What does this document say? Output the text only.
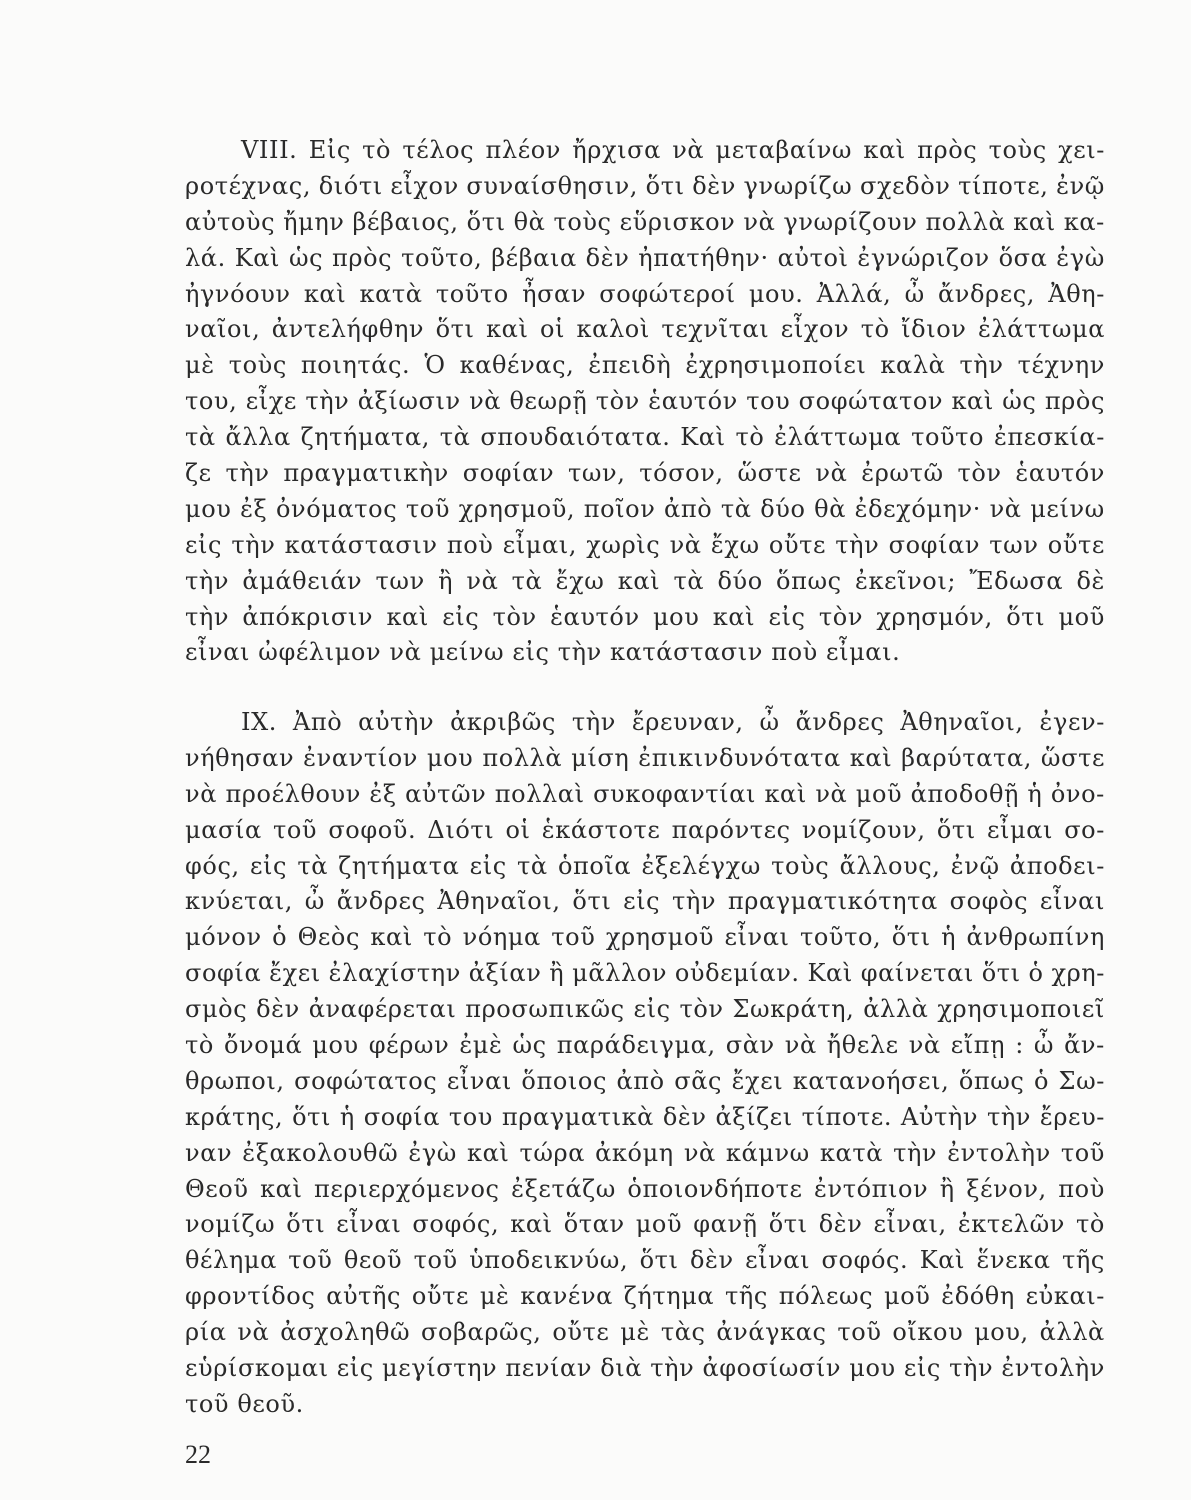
VIII. Εἰς τὸ τέλος πλέον ἤρχισα νὰ μεταβαίνω καὶ πρὸς τοὺς χει-
ροτέχνας, διότι εἶχον συναίσθησιν, ὅτι δὲν γνωρίζω σχεδὸν τίποτε, ἐνῷ
αὐτοὺς ἤμην βέβαιος, ὅτι θὰ τοὺς εὕρισκον νὰ γνωρίζουν πολλὰ καὶ κα-
λά. Καὶ ὡς πρὸς τοῦτο, βέβαια δὲν ἠπατήθην· αὐτοὶ ἐγνώριζον ὅσα ἐγὼ
ἠγνόουν καὶ κατὰ τοῦτο ἦσαν σοφώτεροί μου. Ἀλλά, ὦ ἄνδρες, Ἀθη-
ναῖοι, ἀντελήφθην ὅτι καὶ οἱ καλοὶ τεχνῖται εἶχον τὸ ἴδιον ἐλάττωμα
μὲ τοὺς ποιητάς. Ὁ καθένας, ἐπειδὴ ἐχρησιμοποίει καλὰ τὴν τέχνην
του, εἶχε τὴν ἀξίωσιν νὰ θεωρῇ τὸν ἑαυτόν του σοφώτατον καὶ ὡς πρὸς
τὰ ἄλλα ζητήματα, τὰ σπουδαιότατα. Καὶ τὸ ἐλάττωμα τοῦτο ἐπεσκία-
ζε τὴν πραγματικὴν σοφίαν των, τόσον, ὥστε νὰ ἐρωτῶ τὸν ἑαυτόν
μου ἐξ ὀνόματος τοῦ χρησμοῦ, ποῖον ἀπὸ τὰ δύο θὰ ἐδεχόμην· νὰ μείνω
εἰς τὴν κατάστασιν ποὺ εἶμαι, χωρὶς νὰ ἔχω οὔτε τὴν σοφίαν των οὔτε
τὴν ἀμάθειάν των ἢ νὰ τὰ ἔχω καὶ τὰ δύο ὅπως ἐκεῖνοι; Ἔδωσα δὲ
τὴν ἀπόκρισιν καὶ εἰς τὸν ἑαυτόν μου καὶ εἰς τὸν χρησμόν, ὅτι μοῦ
εἶναι ὠφέλιμον νὰ μείνω εἰς τὴν κατάστασιν ποὺ εἶμαι.
IX. Ἀπὸ αὐτὴν ἀκριβῶς τὴν ἔρευναν, ὦ ἄνδρες Ἀθηναῖοι, ἐγεν-
νήθησαν ἐναντίον μου πολλὰ μίση ἐπικινδυνότατα καὶ βαρύτατα, ὥστε
νὰ προέλθουν ἐξ αὐτῶν πολλαὶ συκοφαντίαι καὶ νὰ μοῦ ἀποδοθῇ ἡ ὀνο-
μασία τοῦ σοφοῦ. Διότι οἱ ἑκάστοτε παρόντες νομίζουν, ὅτι εἶμαι σο-
φός, εἰς τὰ ζητήματα εἰς τὰ ὁποῖα ἐξελέγχω τοὺς ἄλλους, ἐνῷ ἀποδει-
κνύεται, ὦ ἄνδρες Ἀθηναῖοι, ὅτι εἰς τὴν πραγματικότητα σοφὸς εἶναι
μόνον ὁ Θεὸς καὶ τὸ νόημα τοῦ χρησμοῦ εἶναι τοῦτο, ὅτι ἡ ἀνθρωπίνη
σοφία ἔχει ἐλαχίστην ἀξίαν ἢ μᾶλλον οὐδεμίαν. Καὶ φαίνεται ὅτι ὁ χρη-
σμὸς δὲν ἀναφέρεται προσωπικῶς εἰς τὸν Σωκράτη, ἀλλὰ χρησιμοποιεῖ
τὸ ὄνομά μου φέρων ἐμὲ ὡς παράδειγμα, σὰν νὰ ἤθελε νὰ εἴπῃ : ὦ ἄν-
θρωποι, σοφώτατος εἶναι ὅποιος ἀπὸ σᾶς ἔχει κατανοήσει, ὅπως ὁ Σω-
κράτης, ὅτι ἡ σοφία του πραγματικὰ δὲν ἀξίζει τίποτε. Αὐτὴν τὴν ἔρευ-
ναν ἐξακολουθῶ ἐγὼ καὶ τώρα ἀκόμη νὰ κάμνω κατὰ τὴν ἐντολὴν τοῦ
Θεοῦ καὶ περιερχόμενος ἐξετάζω ὁποιονδήποτε ἐντόπιον ἢ ξένον, ποὺ
νομίζω ὅτι εἶναι σοφός, καὶ ὅταν μοῦ φανῇ ὅτι δὲν εἶναι, ἐκτελῶν τὸ
θέλημα τοῦ θεοῦ τοῦ ὑποδεικνύω, ὅτι δὲν εἶναι σοφός. Καὶ ἕνεκα τῆς
φροντίδος αὐτῆς οὔτε μὲ κανένα ζήτημα τῆς πόλεως μοῦ ἐδόθη εὐκαι-
ρία νὰ ἀσχοληθῶ σοβαρῶς, οὔτε μὲ τὰς ἀνάγκας τοῦ οἴκου μου, ἀλλὰ
εὑρίσκομαι εἰς μεγίστην πενίαν διὰ τὴν ἀφοσίωσίν μου εἰς τὴν ἐντολὴν
τοῦ θεοῦ.
22
